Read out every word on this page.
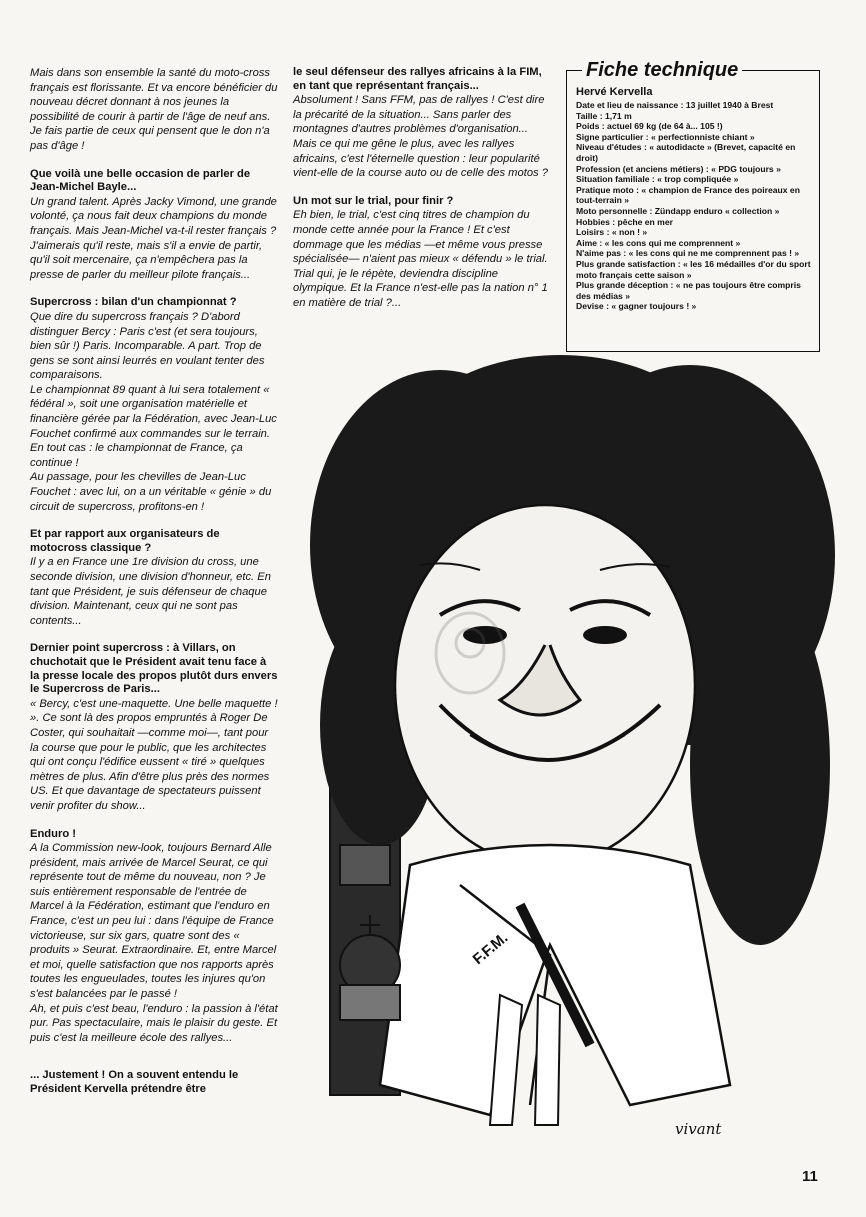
Mais dans son ensemble la santé du moto-cross français est florissante. Et va encore bénéficier du nouveau décret donnant à nos jeunes la possibilité de courir à partir de l'âge de neuf ans. Je fais partie de ceux qui pensent que le don n'a pas d'âge !

Que voilà une belle occasion de parler de Jean-Michel Bayle...

Un grand talent. Après Jacky Vimond, une grande volonté, ça nous fait deux champions du monde français. Mais Jean-Michel va-t-il rester français ? J'aimerais qu'il reste, mais s'il a envie de partir, qu'il soit mercenaire, ça n'empêchera pas la presse de parler du meilleur pilote français...

Supercross : bilan d'un championnat ?

Que dire du supercross français ? D'abord distinguer Bercy : Paris c'est (et sera toujours, bien sûr !) Paris. Incomparable. A part. Trop de gens se sont ainsi leurrés en voulant tenter des comparaisons.

Le championnat 89 quant à lui sera totalement « fédéral », soit une organisation matérielle et financière gérée par la Fédération, avec Jean-Luc Fouchet confirmé aux commandes sur le terrain. En tout cas : le championnat de France, ça continue !

Au passage, pour les chevilles de Jean-Luc Fouchet : avec lui, on a un véritable « génie » du circuit de supercross, profitons-en !

Et par rapport aux organisateurs de motocross classique ?

Il y a en France une 1re division du cross, une seconde division, une division d'honneur, etc. En tant que Président, je suis défenseur de chaque division. Maintenant, ceux qui ne sont pas contents...

Dernier point supercross : à Villars, on chuchotait que le Président avait tenu face à la presse locale des propos plutôt durs envers le Supercross de Paris...

« Bercy, c'est une-maquette. Une belle maquette ! ». Ce sont là des propos empruntés à Roger De Coster, qui souhaitait —comme moi—, tant pour la course que pour le public, que les architectes qui ont conçu l'édifice eussent « tiré » quelques mètres de plus. Afin d'être plus près des normes US. Et que davantage de spectateurs puissent venir profiter du show...

Enduro !

A la Commission new-look, toujours Bernard Alle président, mais arrivée de Marcel Seurat, ce qui représente tout de même du nouveau, non ? Je suis entièrement responsable de l'entrée de Marcel à la Fédération, estimant que l'enduro en France, c'est un peu lui : dans l'équipe de France victorieuse, sur six gars, quatre sont des « produits » Seurat. Extraordinaire. Et, entre Marcel et moi, quelle satisfaction que nos rapports après toutes les engueulades, toutes les injures qu'on s'est balancées par le passé !

Ah, et puis c'est beau, l'enduro : la passion à l'état pur. Pas spectaculaire, mais le plaisir du geste. Et puis c'est la meilleure école des rallyes...

... Justement ! On a souvent entendu le Président Kervella prétendre être
le seul défenseur des rallyes africains à la FIM, en tant que représentant français...

Absolument ! Sans FFM, pas de rallyes ! C'est dire la précarité de la situation... Sans parler des montagnes d'autres problèmes d'organisation... Mais ce qui me gêne le plus, avec les rallyes africains, c'est l'éternelle question : leur popularité vient-elle de la course auto ou de celle des motos ?

Un mot sur le trial, pour finir ?

Eh bien, le trial, c'est cinq titres de champion du monde cette année pour la France ! Et c'est dommage que les médias —et même vous presse spécialisée— n'aient pas mieux « défendu » le trial. Trial qui, je le répète, deviendra discipline olympique. Et la France n'est-elle pas la nation n° 1 en matière de trial ?...

Fiche technique
Hervé Kervella
Date et lieu de naissance : 13 juillet 1940 à Brest
Taille : 1,71 m
Poids : actuel 69 kg (de 64 à... 105 !)
Signe particulier : « perfectionniste chiant »
Niveau d'études : « autodidacte » (Brevet, capacité en droit)
Profession (et anciens métiers) : « PDG toujours »
Situation familiale : « trop compliquée »
Pratique moto : « champion de France des poireaux en tout-terrain »
Moto personnelle : Zündapp enduro « collection »
Hobbies : pêche en mer
Loisirs : « non ! »
Aime : « les cons qui me comprennent »
N'aime pas : « les cons qui ne me comprennent pas ! »
Plus grande satisfaction : « les 16 médailles d'or du sport moto français cette saison »
Plus grande déception : « ne pas toujours être compris des médias »
Devise : « gagner toujours ! »
F.F.M.
vivant
11
